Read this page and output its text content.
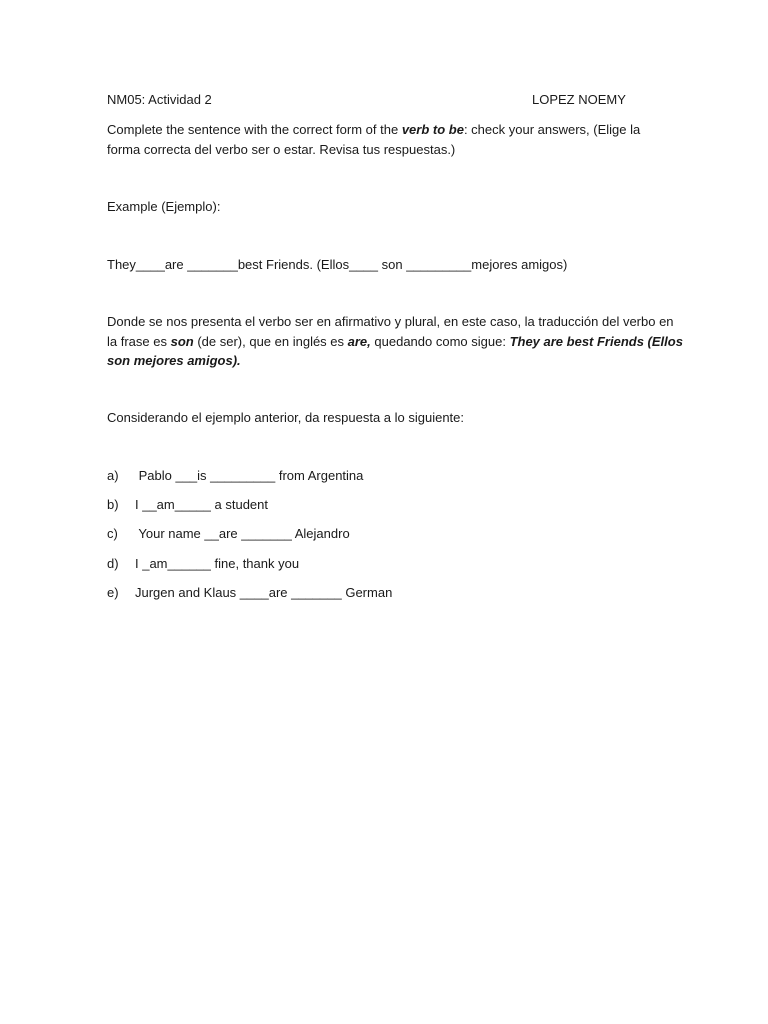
NM05: Actividad 2	LOPEZ NOEMY
Complete the sentence with the correct form of the verb to be: check your answers, (Elige la
forma correcta del verbo ser o estar. Revisa tus respuestas.)
Example (Ejemplo):
They____are _______best Friends. (Ellos____ son _________mejores amigos)
Donde se nos presenta el verbo ser en afirmativo y plural, en este caso, la traducción del verbo en
la frase es son (de ser), que en inglés es are, quedando como sigue: They are best Friends (Ellos
son mejores amigos).
Considerando el ejemplo anterior, da respuesta a lo siguiente:
a) Pablo ___is _________ from Argentina
b) I __am_____ a student
c) Your name __are _______ Alejandro
d) I _am______ fine, thank you
e) Jurgen and Klaus ____are _______ German
